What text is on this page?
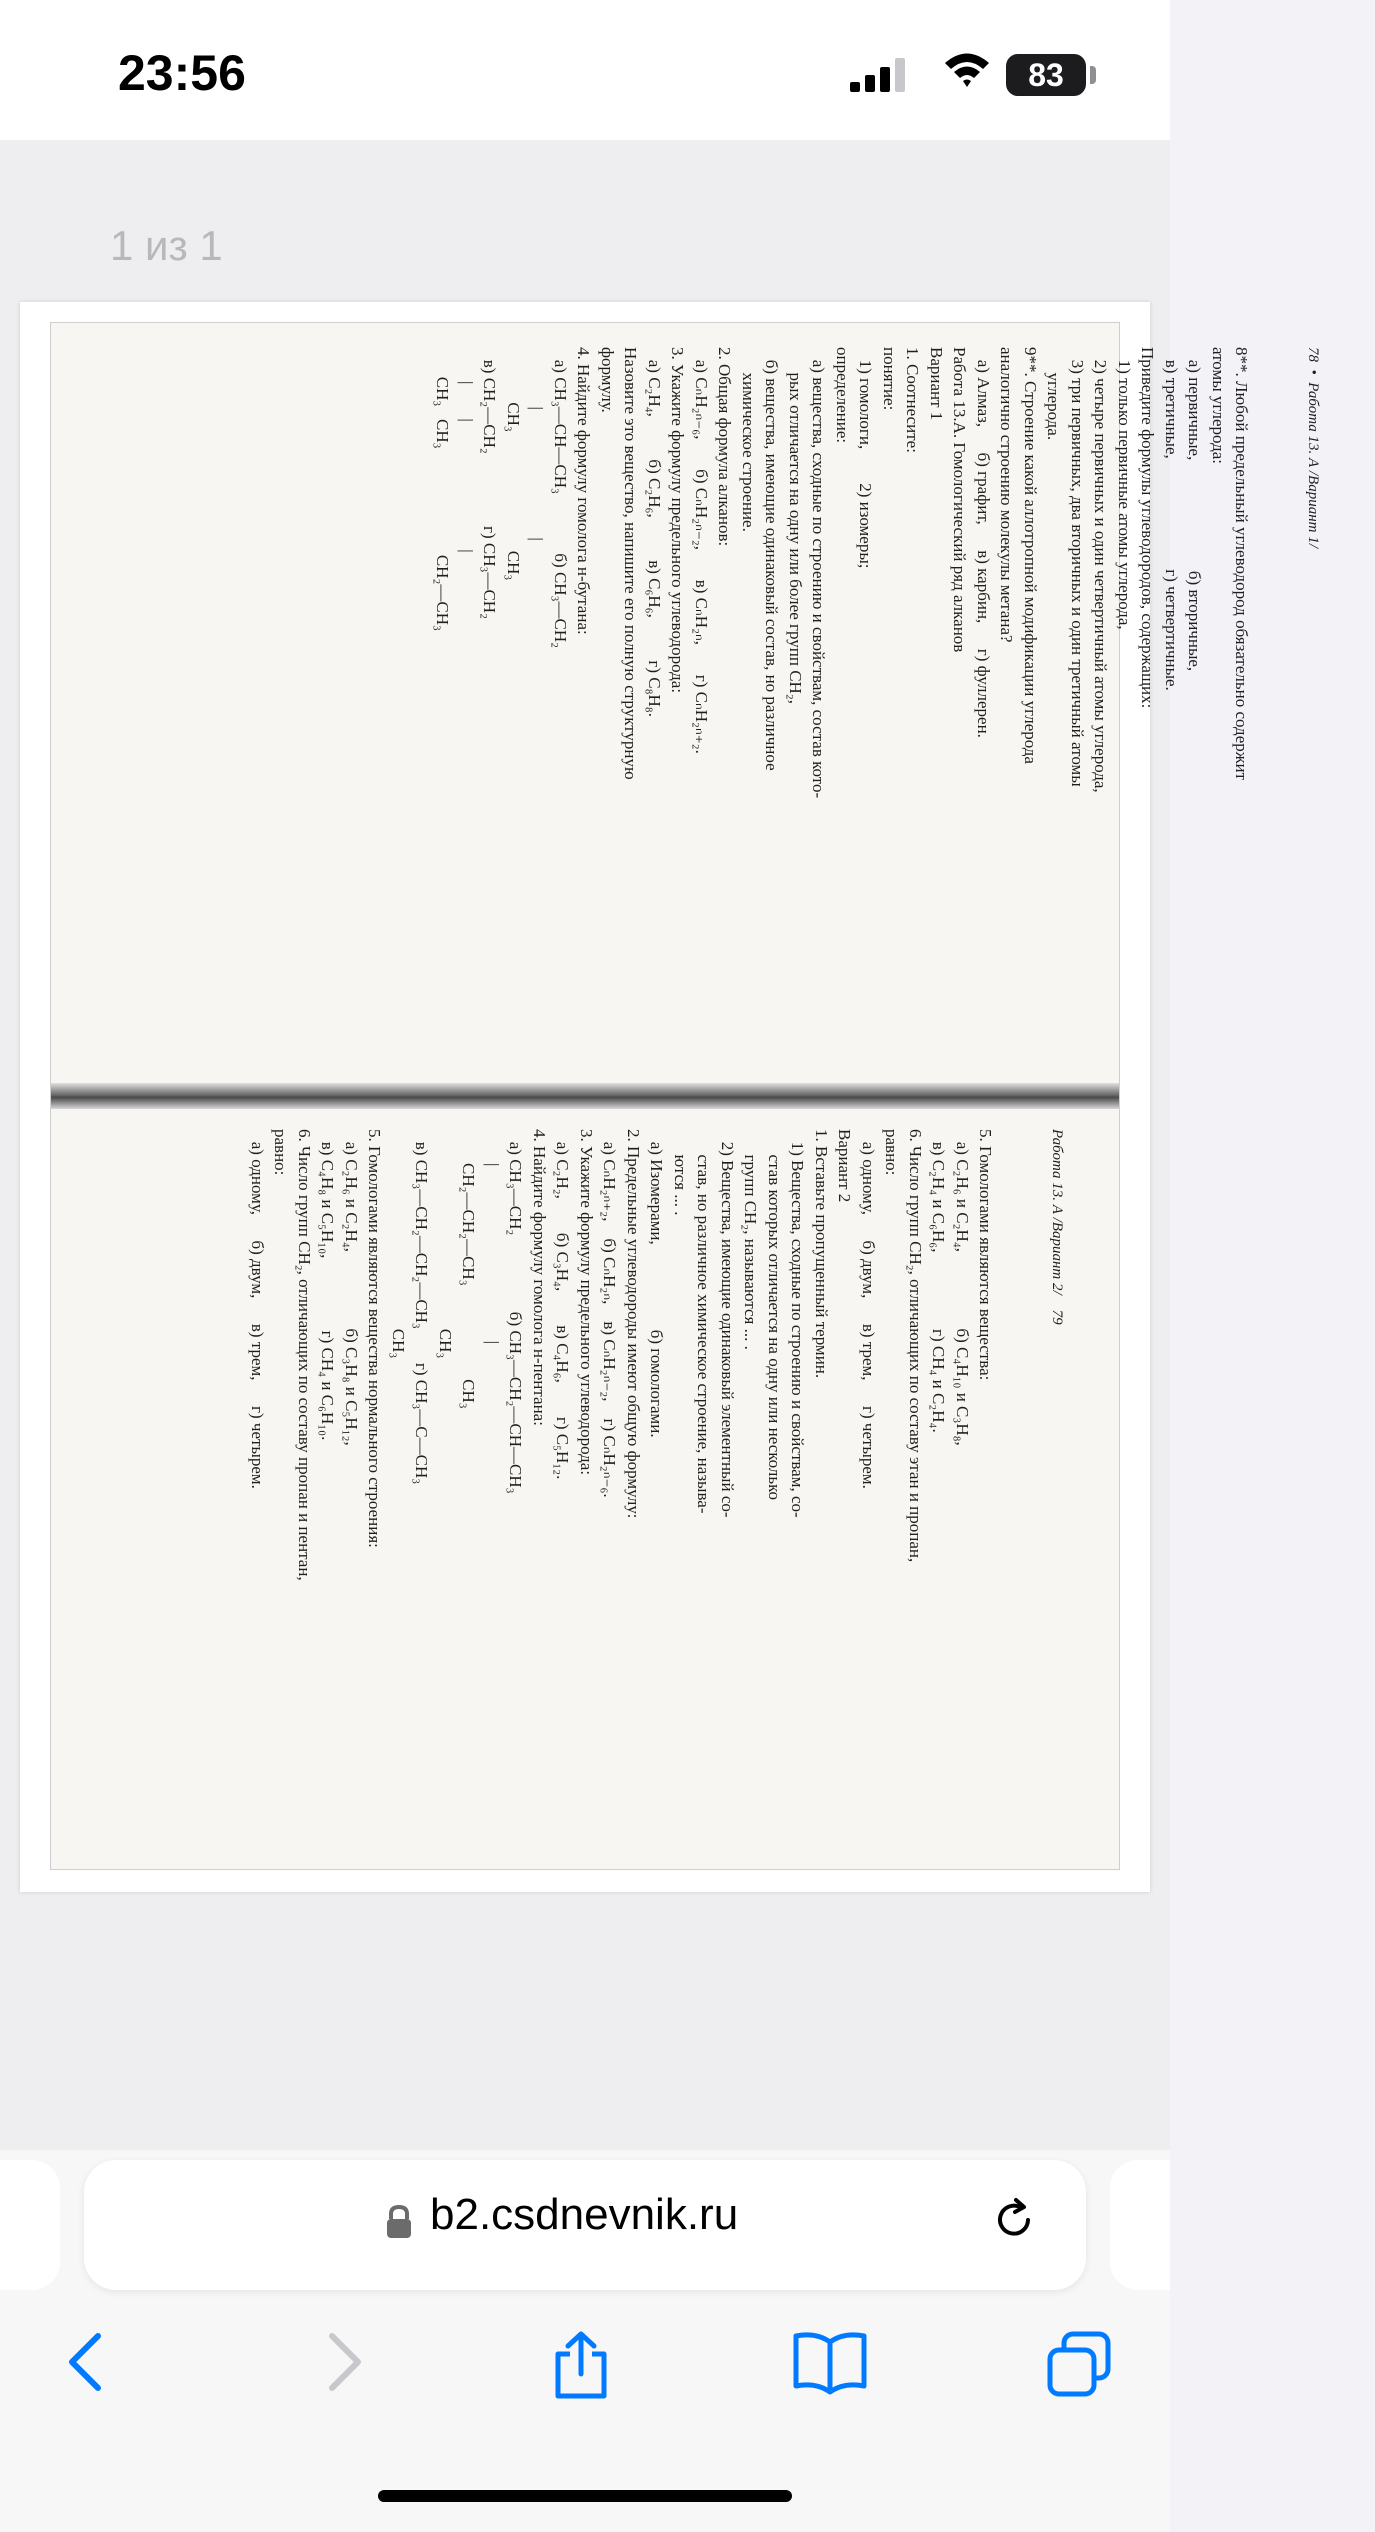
23:56	83
1 из 1

78  •  Работа 13. А /Вариант 1/

8**. Любой предельный углеводород обязательно содержит
атомы углерода:
а) первичные,                          б) вторичные,
в) третичные,                          г) четвертичные.
Приведите формулы углеводородов, содержащих:
1) только первичные атомы углерода,
2) четыре первичных и один четвертичный атомы углерода,
3) три первичных, два вторичных и один третичный атомы
углерода.
9**. Строение какой аллотропной модификации углерода
аналогично строению молекулы метана?
а) Алмаз,      б) графит,      в) карбин,      г) фуллерен.
Работа 13.А. Гомологический ряд алканов
Вариант 1
1. Соотнесите:
понятие:
1) гомологи,        2) изомеры;
определение:
а) вещества, сходные по строению и свойствам, состав кото-
рых отличается на одну или более групп CH₂,
б) вещества, имеющие одинаковый состав, но различное
химическое строение.
2. Общая формула алканов:
а) CₙH₂ₙ₋₆,       б) CₙH₂ₙ₋₂,       в) CₙH₂ₙ,       г) CₙH₂ₙ₊₂.
3. Укажите формулу предельного углеводорода:
а) C₂H₄,          б) C₂H₆,          в) C₆H₆,          г) C₈H₈.
Назовите это вещество, напишите его полную структурную
формулу.
4. Найдите формулу гомолога н-бутана:
а) CH₃—CH—CH₃              б) CH₃—CH₂
|                              |
CH₃                            CH₃
в) CH₂—CH₂                 г) CH₃—CH₂
|        |                              |
CH₃   CH₃                         CH₂—CH₃

Работа 13. А /Вариант 2/    79

5. Гомологами являются вещества:
а) C₂H₆ и C₂H₄,                  б) C₄H₁₀ и C₃H₈,
в) C₂H₄ и C₆H₆,                  г) CH₄ и C₂H₄.
6. Число групп CH₂, отличающих по составу этан и пропан,
равно:
а) одному,      б) двум,      в) трем,      г) четырем.
Вариант 2
1. Вставьте пропущенный термин.
1) Вещества, сходные по строению и свойствам, со-
став которых отличается на одну или несколько
групп CH₂, называются ... .
2) Вещества, имеющие одинаковый элементный со-
став, но различное химическое строение, называ-
ются ... .
а) Изомерами,                    б) гомологами.
2. Предельные углеводороды имеют общую формулу:
а) CₙH₂ₙ₊₂,    б) CₙH₂ₙ,    в) CₙH₂ₙ₋₂,    г) CₙH₂ₙ₋₆.
3. Укажите формулу предельного углеводорода:
а) C₂H₂,        б) C₃H₄,        в) C₄H₆,        г) C₅H₁₂.
4. Найдите формулу гомолога н-пентана:
а) CH₃—CH₂                  б) CH₃—CH₂—CH—CH₃
|                                         |
CH₂—CH₂—CH₃                      CH₃
CH₃
в) CH₃—CH₂—CH₂—CH₃        г) CH₃—C—CH₃
CH₃
5. Гомологами являются вещества нормального строения:
а) C₂H₆ и C₂H₄,                  б) C₃H₈ и C₅H₁₂,
в) C₄H₈ и C₅H₁₀,                 г) CH₄ и C₆H₁₀.
6. Число групп CH₂, отличающих по составу пропан и пентан,
равно:
а) одному,      б) двум,      в) трем,      г) четырем.

b2.csdnevnik.ru
